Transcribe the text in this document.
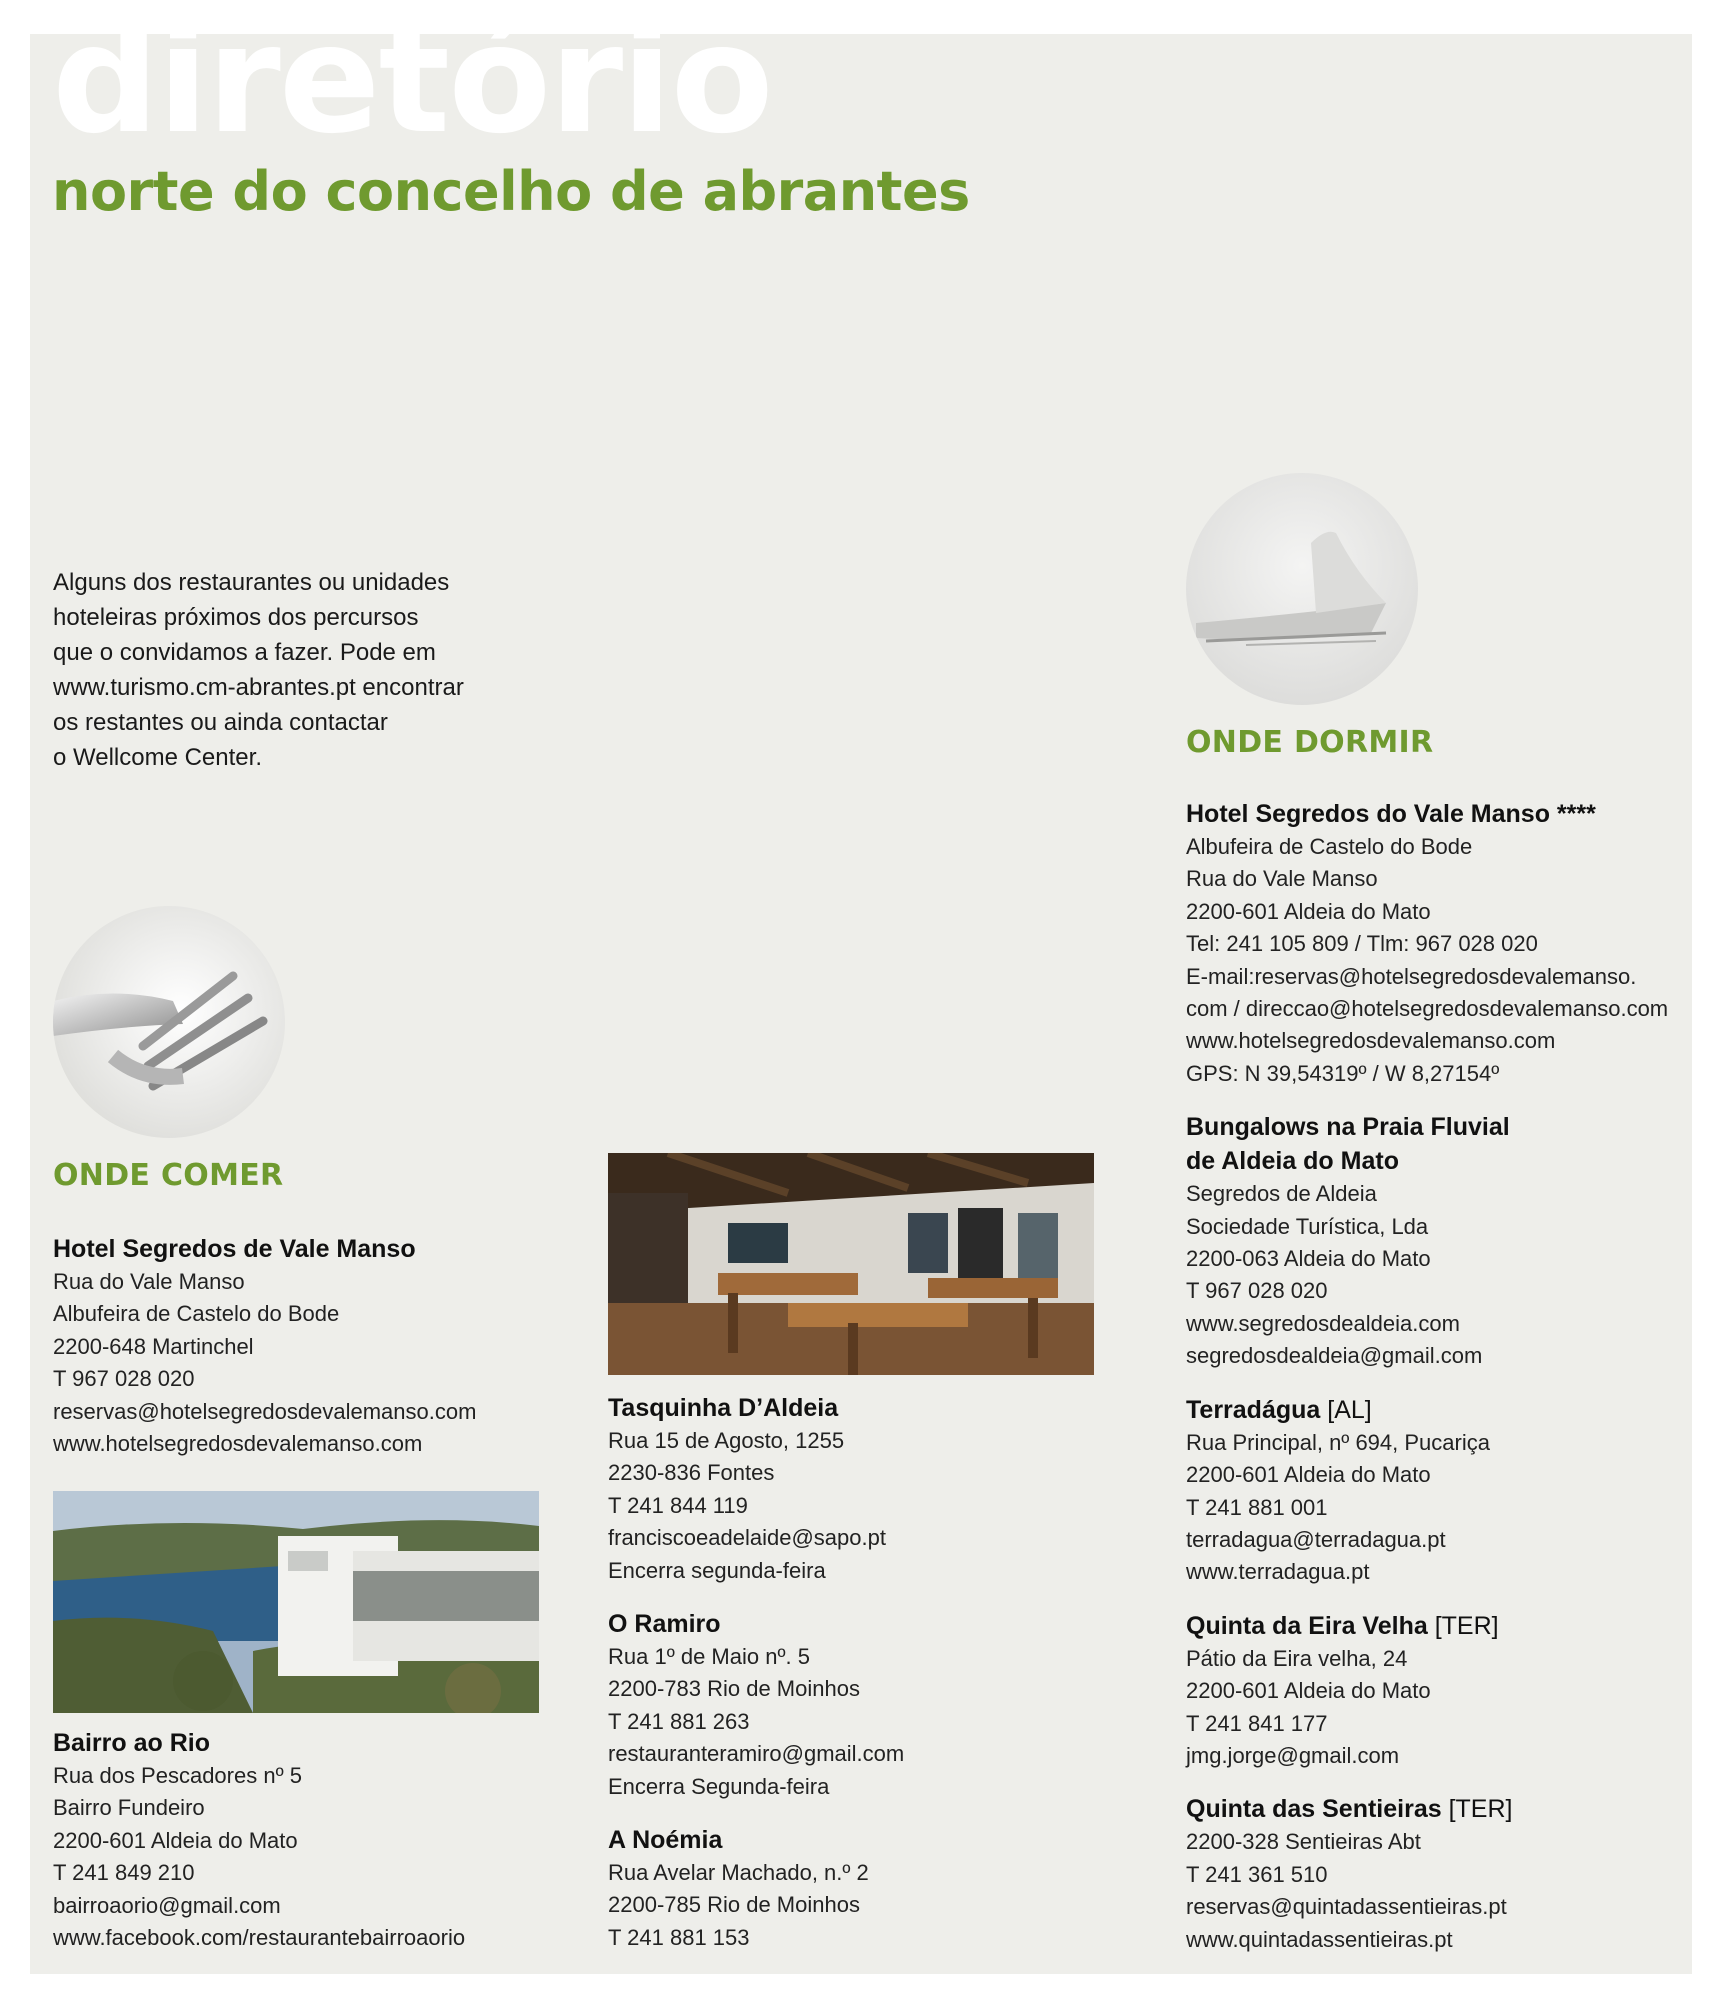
diretório
norte do concelho de abrantes
Alguns dos restaurantes ou unidades
hoteleiras próximos dos percursos
que o convidamos a fazer. Pode em
www.turismo.cm-abrantes.pt encontrar
os restantes ou ainda contactar
o Wellcome Center.
ONDE COMER
ONDE DORMIR
Hotel Segredos de Vale Manso
Rua do Vale Manso
Albufeira de Castelo do Bode
2200-648 Martinchel
T 967 028 020
reservas@hotelsegredosdevalemanso.com
www.hotelsegredosdevalemanso.com
Bairro ao Rio
Rua dos Pescadores nº 5
Bairro Fundeiro
2200-601 Aldeia do Mato
T 241 849 210
bairroaorio@gmail.com
www.facebook.com/restaurantebairroaorio
Tasquinha D’Aldeia
Rua 15 de Agosto, 1255
2230-836 Fontes
T 241 844 119
franciscoeadelaide@sapo.pt
Encerra segunda-feira
O Ramiro
Rua 1º de Maio nº. 5
2200-783 Rio de Moinhos
T 241 881 263
restauranteramiro@gmail.com
Encerra Segunda-feira
A Noémia
Rua Avelar Machado, n.º 2
2200-785 Rio de Moinhos
T 241 881 153
Hotel Segredos do Vale Manso ****
Albufeira de Castelo do Bode
Rua do Vale Manso
2200-601 Aldeia do Mato
Tel: 241 105 809 / Tlm: 967 028 020
E-mail:reservas@hotelsegredosdevalemanso.
com / direccao@hotelsegredosdevalemanso.com
www.hotelsegredosdevalemanso.com
GPS: N 39,54319º / W 8,27154º
Bungalows na Praia Fluvial
de Aldeia do Mato
Segredos de Aldeia
Sociedade Turística, Lda
2200-063 Aldeia do Mato
T 967 028 020
www.segredosdealdeia.com
segredosdealdeia@gmail.com
Terradágua [AL]
Rua Principal, nº 694, Pucariça
2200-601 Aldeia do Mato
T 241 881 001
terradagua@terradagua.pt
www.terradagua.pt
Quinta da Eira Velha [TER]
Pátio da Eira velha, 24
2200-601 Aldeia do Mato
T 241 841 177
jmg.jorge@gmail.com
Quinta das Sentieiras [TER]
2200-328 Sentieiras Abt
T 241 361 510
reservas@quintadassentieiras.pt
www.quintadassentieiras.pt
